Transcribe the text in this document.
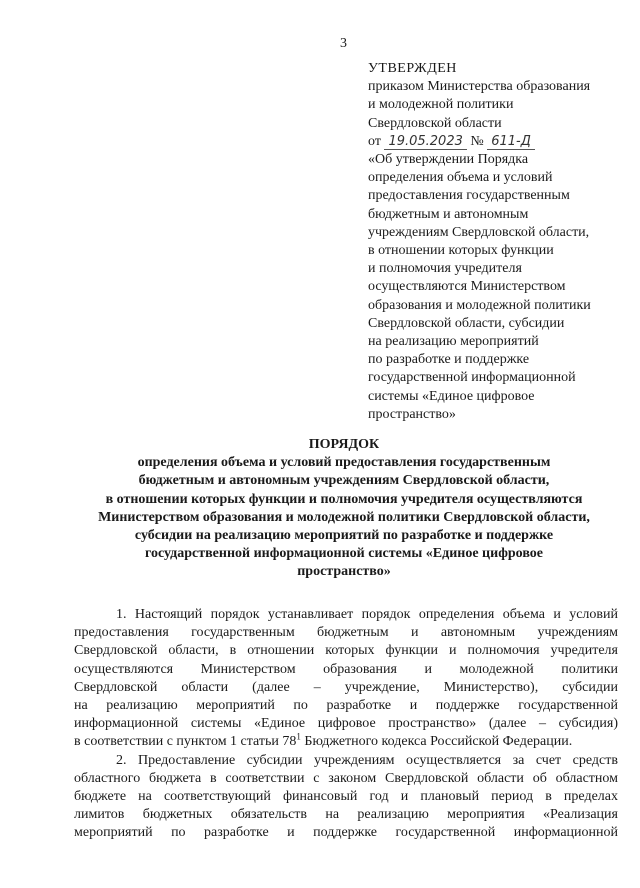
3
УТВЕРЖДЕН
приказом Министерства образования
и молодежной политики
Свердловской области
от 19.05.2023 № 611-Д
«Об утверждении Порядка
определения объема и условий
предоставления государственным
бюджетным и автономным
учреждениям Свердловской области,
в отношении которых функции
и полномочия учредителя
осуществляются Министерством
образования и молодежной политики
Свердловской области, субсидии
на реализацию мероприятий
по разработке и поддержке
государственной информационной
системы «Единое цифровое
пространство»
ПОРЯДОК
определения объема и условий предоставления государственным
бюджетным и автономным учреждениям Свердловской области,
в отношении которых функции и полномочия учредителя осуществляются
Министерством образования и молодежной политики Свердловской области,
субсидии на реализацию мероприятий по разработке и поддержке
государственной информационной системы «Единое цифровое
пространство»
1. Настоящий порядок устанавливает порядок определения объема и условий
предоставления государственным бюджетным и автономным учреждениям
Свердловской области, в отношении которых функции и полномочия учредителя
осуществляются Министерством образования и молодежной политики
Свердловской области (далее – учреждение, Министерство), субсидии
на реализацию мероприятий по разработке и поддержке государственной
информационной системы «Единое цифровое пространство» (далее – субсидия)
в соответствии с пунктом 1 статьи $78^1$ Бюджетного кодекса Российской Федерации.
2. Предоставление субсидии учреждениям осуществляется за счет средств
областного бюджета в соответствии с законом Свердловской области об областном
бюджете на соответствующий финансовый год и плановый период в пределах
лимитов бюджетных обязательств на реализацию мероприятия «Реализация
мероприятий по разработке и поддержке государственной информационной
